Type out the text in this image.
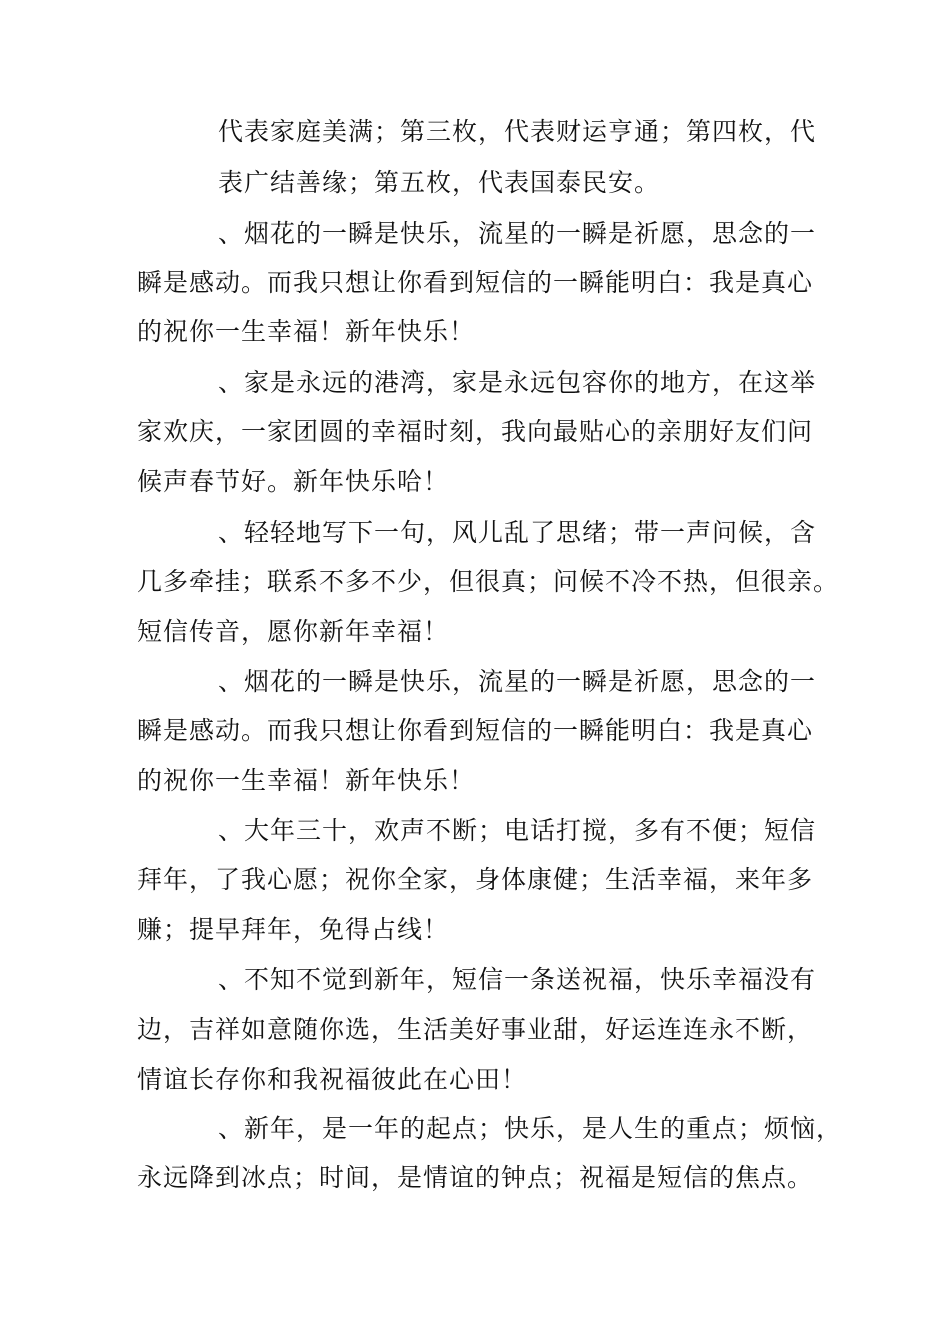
代表家庭美满；第三枚，代表财运亨通；第四枚，代
表广结善缘；第五枚，代表国泰民安。
、烟花的一瞬是快乐，流星的一瞬是祈愿，思念的一
瞬是感动。而我只想让你看到短信的一瞬能明白：我是真心
的祝你一生幸福！新年快乐！
、家是永远的港湾，家是永远包容你的地方，在这举
家欢庆，一家团圆的幸福时刻，我向最贴心的亲朋好友们问
候声春节好。新年快乐哈！
、轻轻地写下一句，风儿乱了思绪；带一声问候，含
几多牵挂；联系不多不少，但很真；问候不冷不热，但很亲。
短信传音，愿你新年幸福！
、烟花的一瞬是快乐，流星的一瞬是祈愿，思念的一
瞬是感动。而我只想让你看到短信的一瞬能明白：我是真心
的祝你一生幸福！新年快乐！
、大年三十，欢声不断；电话打搅，多有不便；短信
拜年，了我心愿；祝你全家，身体康健；生活幸福，来年多
赚；提早拜年，免得占线！
、不知不觉到新年，短信一条送祝福，快乐幸福没有
边，吉祥如意随你选，生活美好事业甜，好运连连永不断，
情谊长存你和我祝福彼此在心田！
、新年，是一年的起点；快乐，是人生的重点；烦恼，
永远降到冰点；时间，是情谊的钟点；祝福是短信的焦点。
